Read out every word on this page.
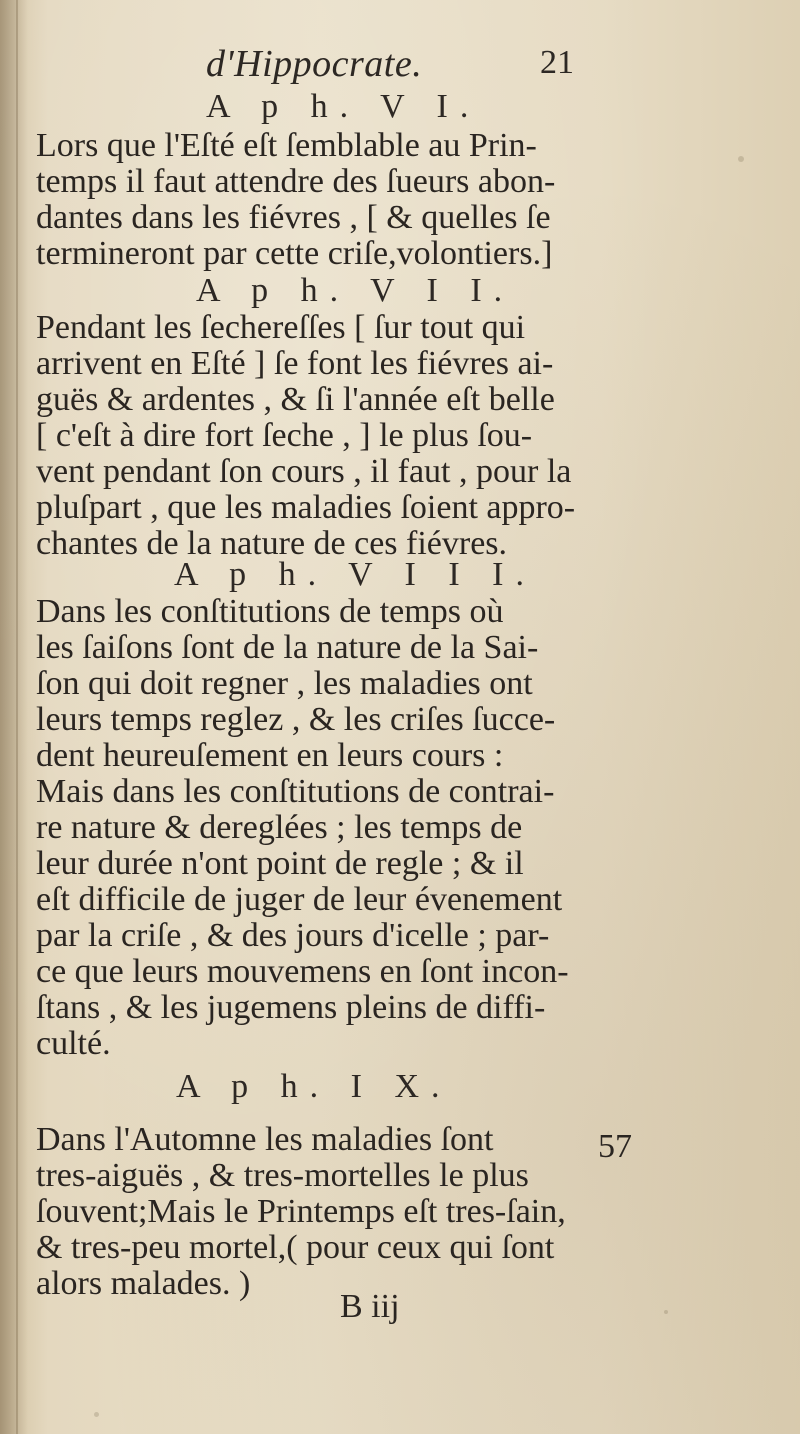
d'Hippocrate.	21
A p h. V I.
Lors que l'Eſté eſt ſemblable au Prin-
temps il faut attendre des ſueurs abon-
dantes dans les fiévres , [ & quelles ſe
termineront par cette criſe,volontiers.]
A p h. V I I.
Pendant les ſechereſſes [ ſur tout qui
arrivent en Eſté ] ſe font les fiévres ai-
guës & ardentes , & ſi l'année eſt belle
[ c'eſt à dire fort ſeche , ] le plus ſou-
vent pendant ſon cours , il faut , pour la
pluſpart , que les maladies ſoient appro-
chantes de la nature de ces fiévres.
A p h. V I I I.
Dans les conſtitutions de temps où
les ſaiſons ſont de la nature de la Sai-
ſon qui doit regner , les maladies ont
leurs temps reglez , & les criſes ſucce-
dent heureuſement en leurs cours :
Mais dans les conſtitutions de contrai-
re nature & dereglées ; les temps de
leur durée n'ont point de regle ; & il
eſt difficile de juger de leur évenement
par la criſe , & des jours d'icelle ; par-
ce que leurs mouvemens en ſont incon-
ſtans , & les jugemens pleins de diffi-
culté.
A p h. I X.
Dans l'Automne les maladies ſont
tres-aiguës , & tres-mortelles le plus
ſouvent;Mais le Printemps eſt tres-ſain,
& tres-peu mortel,( pour ceux qui ſont
alors malades. )
57
B iij
